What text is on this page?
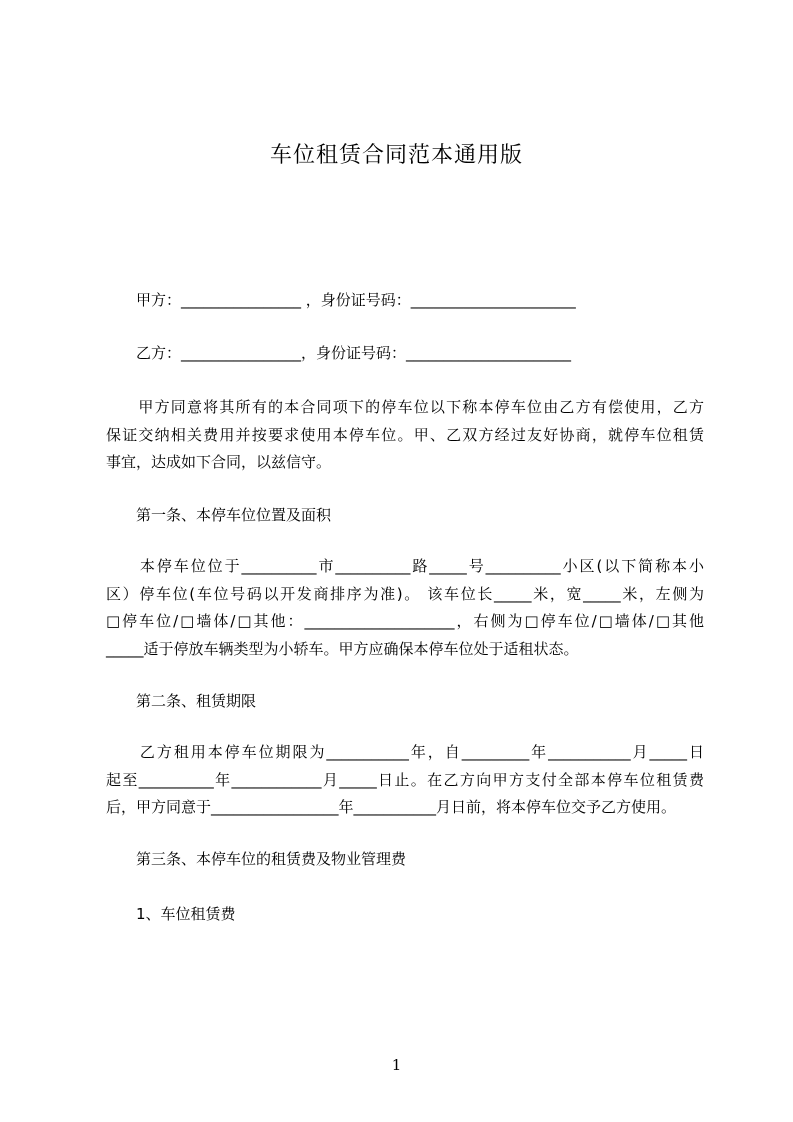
车位租赁合同范本通用版
　　甲方：________________ ，身份证号码：______________________
　　乙方：________________，身份证号码：______________________
　　甲方同意将其所有的本合同项下的停车位以下称本停车位由乙方有偿使用，乙方
保证交纳相关费用并按要求使用本停车位。甲、乙双方经过友好协商，就停车位租赁
事宜，达成如下合同，以兹信守。
　　第一条、本停车位位置及面积
　　本停车位位于__________市__________路_____号__________小区(以下简称本小
区）停车位(车位号码以开发商排序为准)。 该车位长_____米，宽_____米，左侧为
□停车位/□墙体/□其他：____________________，右侧为□停车位/□墙体/□其他
_____适于停放车辆类型为小轿车。甲方应确保本停车位处于适租状态。
　　第二条、租赁期限
　　乙方租用本停车位期限为___________年，自_________年___________月_____日
起至__________年____________月_____日止。在乙方向甲方支付全部本停车位租赁费
后，甲方同意于_________________年___________月日前，将本停车位交予乙方使用。
　　第三条、本停车位的租赁费及物业管理费
　　1、车位租赁费
1
